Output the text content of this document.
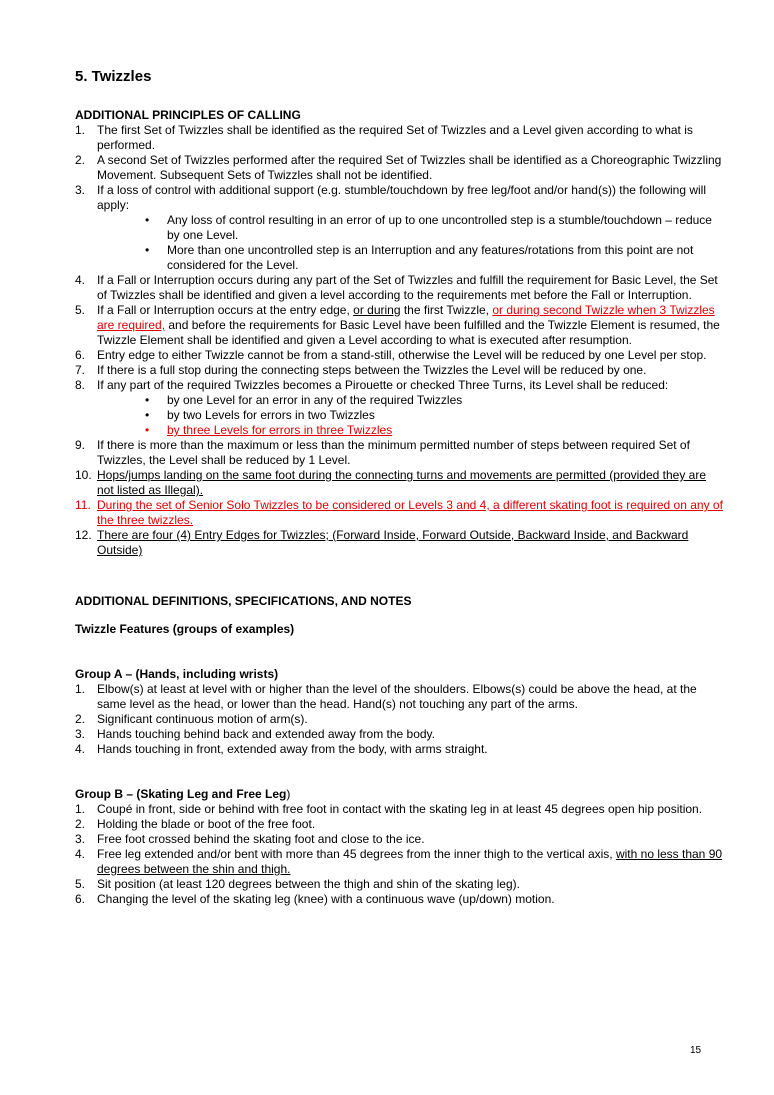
5. Twizzles
ADDITIONAL PRINCIPLES OF CALLING
1. The first Set of Twizzles shall be identified as the required Set of Twizzles and a Level given according to what is performed.
2. A second Set of Twizzles performed after the required Set of Twizzles shall be identified as a Choreographic Twizzling Movement. Subsequent Sets of Twizzles shall not be identified.
3. If a loss of control with additional support (e.g. stumble/touchdown by free leg/foot and/or hand(s)) the following will apply:
• Any loss of control resulting in an error of up to one uncontrolled step is a stumble/touchdown – reduce by one Level.
• More than one uncontrolled step is an Interruption and any features/rotations from this point are not considered for the Level.
4. If a Fall or Interruption occurs during any part of the Set of Twizzles and fulfill the requirement for Basic Level, the Set of Twizzles shall be identified and given a level according to the requirements met before the Fall or Interruption.
5. If a Fall or Interruption occurs at the entry edge, or during the first Twizzle, or during second Twizzle when 3 Twizzles are required, and before the requirements for Basic Level have been fulfilled and the Twizzle Element is resumed, the Twizzle Element shall be identified and given a Level according to what is executed after resumption.
6. Entry edge to either Twizzle cannot be from a stand-still, otherwise the Level will be reduced by one Level per stop.
7. If there is a full stop during the connecting steps between the Twizzles the Level will be reduced by one.
8. If any part of the required Twizzles becomes a Pirouette or checked Three Turns, its Level shall be reduced:
• by one Level for an error in any of the required Twizzles
• by two Levels for errors in two Twizzles
• by three Levels for errors in three Twizzles
9. If there is more than the maximum or less than the minimum permitted number of steps between required Set of Twizzles, the Level shall be reduced by 1 Level.
10. Hops/jumps landing on the same foot during the connecting turns and movements are permitted (provided they are not listed as Illegal).
11. During the set of Senior Solo Twizzles to be considered or Levels 3 and 4, a different skating foot is required on any of the three twizzles.
12. There are four (4) Entry Edges for Twizzles; (Forward Inside, Forward Outside, Backward Inside, and Backward Outside)
ADDITIONAL DEFINITIONS, SPECIFICATIONS, AND NOTES
Twizzle Features (groups of examples)
Group A – (Hands, including wrists)
1. Elbow(s) at least at level with or higher than the level of the shoulders. Elbows(s) could be above the head, at the same level as the head, or lower than the head. Hand(s) not touching any part of the arms.
2. Significant continuous motion of arm(s).
3. Hands touching behind back and extended away from the body.
4. Hands touching in front, extended away from the body, with arms straight.
Group B – (Skating Leg and Free Leg)
1. Coupé in front, side or behind with free foot in contact with the skating leg in at least 45 degrees open hip position.
2. Holding the blade or boot of the free foot.
3. Free foot crossed behind the skating foot and close to the ice.
4. Free leg extended and/or bent with more than 45 degrees from the inner thigh to the vertical axis, with no less than 90 degrees between the shin and thigh.
5. Sit position (at least 120 degrees between the thigh and shin of the skating leg).
6. Changing the level of the skating leg (knee) with a continuous wave (up/down) motion.
15
